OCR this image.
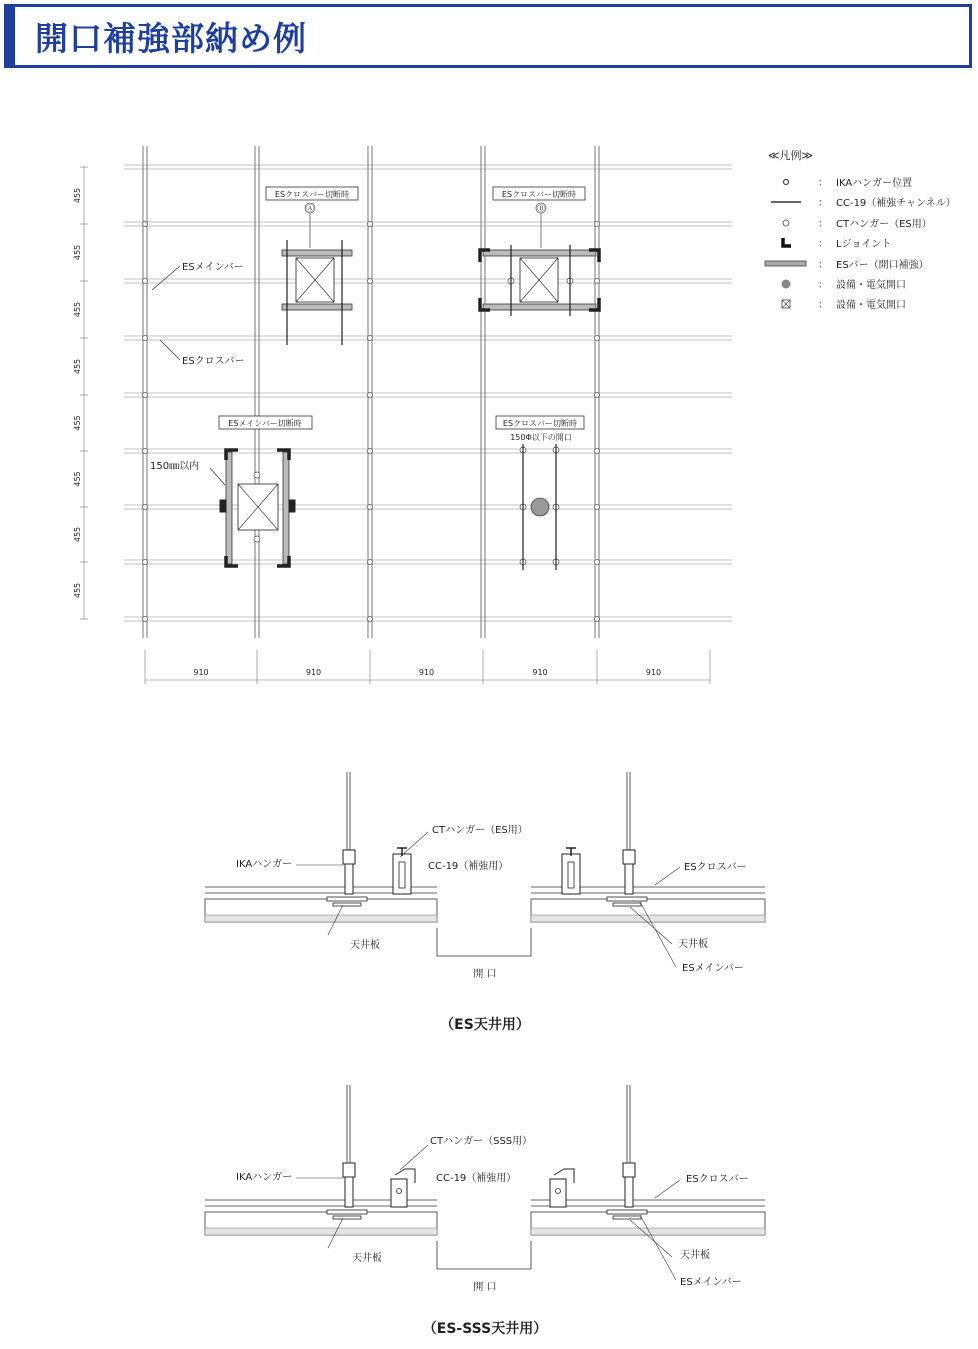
開口補強部納め例
455
455
455
455
455
455
455
455
910	910	910	910	910
≪凡例≫
ESメインバー
ESクロスバー
ESクロスバー切断時
Ⓐ
ESクロスバー切断時
Ⓑ
ESメインバー切断時
150㎜以内
ESクロスバー切断時
150Φ以下の開口
： IKAハンガー位置
： CC-19（補強チャンネル）
： CTハンガー（ES用）
： Lジョイント
： ESバー（開口補強）
： 設備・電気開口
： 設備・電気開口
CTハンガー（ES用）
IKAハンガー	CC-19（補強用）	ESクロスバー
天井板	天井板
ESメインバー
開 口
（ES天井用）
CTハンガー（SSS用）
IKAハンガー	CC-19（補強用）	ESクロスバー
天井板	天井板
ESメインバー
開 口
（ES-SSS天井用）
